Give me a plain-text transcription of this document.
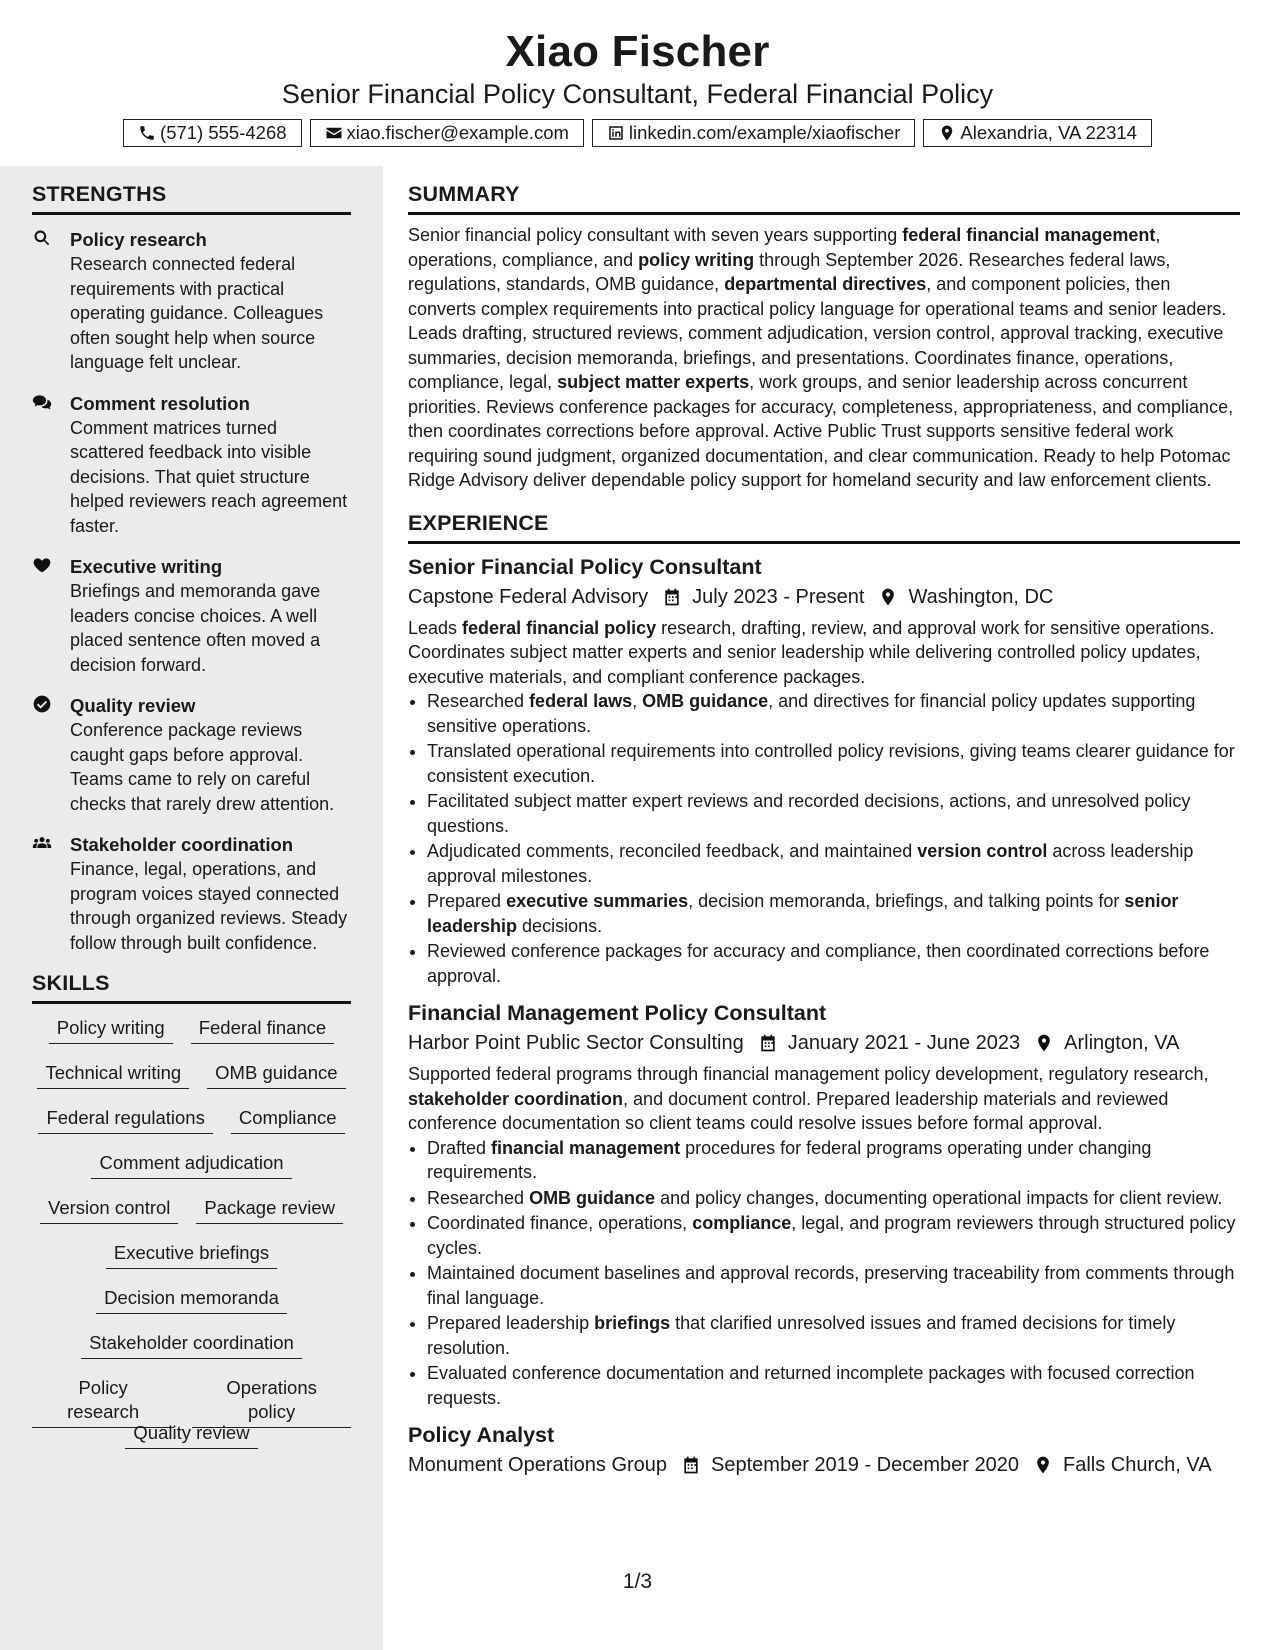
Xiao Fischer
Senior Financial Policy Consultant, Federal Financial Policy
(571) 555-4268	xiao.fischer@example.com	linkedin.com/example/xiaofischer	Alexandria, VA 22314
STRENGTHS
Policy research
Research connected federal requirements with practical operating guidance. Colleagues often sought help when source language felt unclear.
Comment resolution
Comment matrices turned scattered feedback into visible decisions. That quiet structure helped reviewers reach agreement faster.
Executive writing
Briefings and memoranda gave leaders concise choices. A well placed sentence often moved a decision forward.
Quality review
Conference package reviews caught gaps before approval. Teams came to rely on careful checks that rarely drew attention.
Stakeholder coordination
Finance, legal, operations, and program voices stayed connected through organized reviews. Steady follow through built confidence.
SKILLS
Policy writing	Federal finance
Technical writing	OMB guidance
Federal regulations	Compliance
Comment adjudication
Version control	Package review
Executive briefings
Decision memoranda
Stakeholder coordination
Policy research
Operations policy
Quality review
SUMMARY

Senior financial policy consultant with seven years supporting federal financial management, operations, compliance, and policy writing through September 2026. Researches federal laws, regulations, standards, OMB guidance, departmental directives, and component policies, then converts complex requirements into practical policy language for operational teams and senior leaders. Leads drafting, structured reviews, comment adjudication, version control, approval tracking, executive summaries, decision memoranda, briefings, and presentations. Coordinates finance, operations, compliance, legal, subject matter experts, work groups, and senior leadership across concurrent priorities. Reviews conference packages for accuracy, completeness, appropriateness, and compliance, then coordinates corrections before approval. Active Public Trust supports sensitive federal work requiring sound judgment, organized documentation, and clear communication. Ready to help Potomac Ridge Advisory deliver dependable policy support for homeland security and law enforcement clients.

EXPERIENCE
Senior Financial Policy Consultant
Capstone Federal Advisory July 2023 - Present Washington, DC

Leads federal financial policy research, drafting, review, and approval work for sensitive operations. Coordinates subject matter experts and senior leadership while delivering controlled policy updates, executive materials, and compliant conference packages.

• Researched federal laws, OMB guidance, and directives for financial policy updates supporting sensitive operations.
• Translated operational requirements into controlled policy revisions, giving teams clearer guidance for consistent execution.
• Facilitated subject matter expert reviews and recorded decisions, actions, and unresolved policy questions.
• Adjudicated comments, reconciled feedback, and maintained version control across leadership approval milestones.
• Prepared executive summaries, decision memoranda, briefings, and talking points for senior leadership decisions.
• Reviewed conference packages for accuracy and compliance, then coordinated corrections before approval.
Financial Management Policy Consultant
Harbor Point Public Sector Consulting January 2021 - June 2023 Arlington, VA

Supported federal programs through financial management policy development, regulatory research, stakeholder coordination, and document control. Prepared leadership materials and reviewed conference documentation so client teams could resolve issues before formal approval.

• Drafted financial management procedures for federal programs operating under changing requirements.
• Researched OMB guidance and policy changes, documenting operational impacts for client review.
• Coordinated finance, operations, compliance, legal, and program reviewers through structured policy cycles.
• Maintained document baselines and approval records, preserving traceability from comments through final language.
• Prepared leadership briefings that clarified unresolved issues and framed decisions for timely resolution.
• Evaluated conference documentation and returned incomplete packages with focused correction requests.
Policy Analyst
Monument Operations Group September 2019 - December 2020 Falls Church, VA
1/3
